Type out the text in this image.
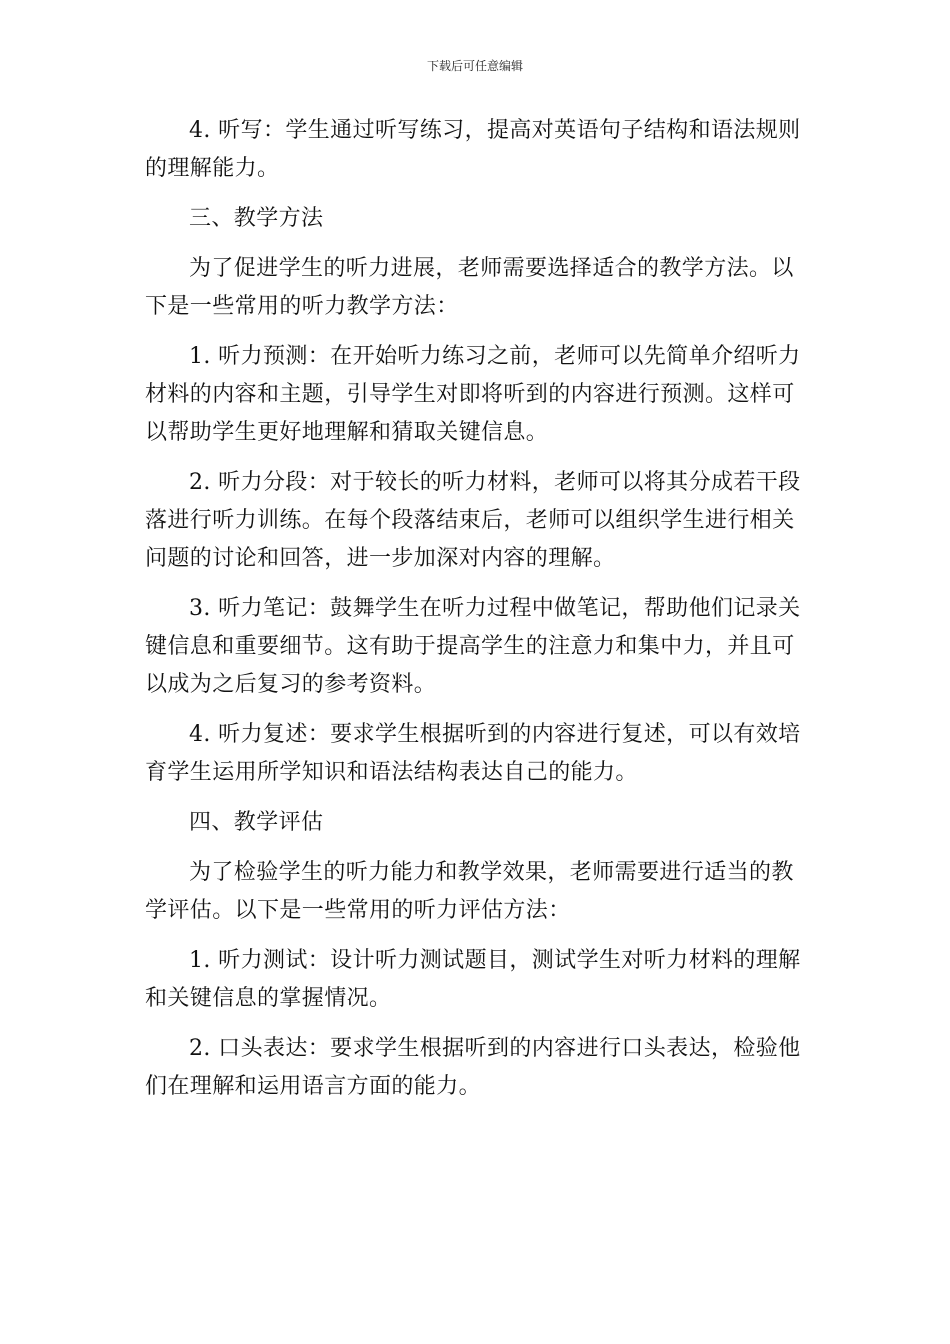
下载后可任意编辑

4. 听写：学生通过听写练习，提高对英语句子结构和语法规则的理解能力。

三、教学方法

为了促进学生的听力进展，老师需要选择适合的教学方法。以下是一些常用的听力教学方法：

1. 听力预测：在开始听力练习之前，老师可以先简单介绍听力材料的内容和主题，引导学生对即将听到的内容进行预测。这样可以帮助学生更好地理解和猜取关键信息。

2. 听力分段：对于较长的听力材料，老师可以将其分成若干段落进行听力训练。在每个段落结束后，老师可以组织学生进行相关问题的讨论和回答，进一步加深对内容的理解。

3. 听力笔记：鼓舞学生在听力过程中做笔记，帮助他们记录关键信息和重要细节。这有助于提高学生的注意力和集中力，并且可以成为之后复习的参考资料。

4. 听力复述：要求学生根据听到的内容进行复述，可以有效培育学生运用所学知识和语法结构表达自己的能力。

四、教学评估

为了检验学生的听力能力和教学效果，老师需要进行适当的教学评估。以下是一些常用的听力评估方法：

1. 听力测试：设计听力测试题目，测试学生对听力材料的理解和关键信息的掌握情况。

2. 口头表达：要求学生根据听到的内容进行口头表达，检验他们在理解和运用语言方面的能力。
